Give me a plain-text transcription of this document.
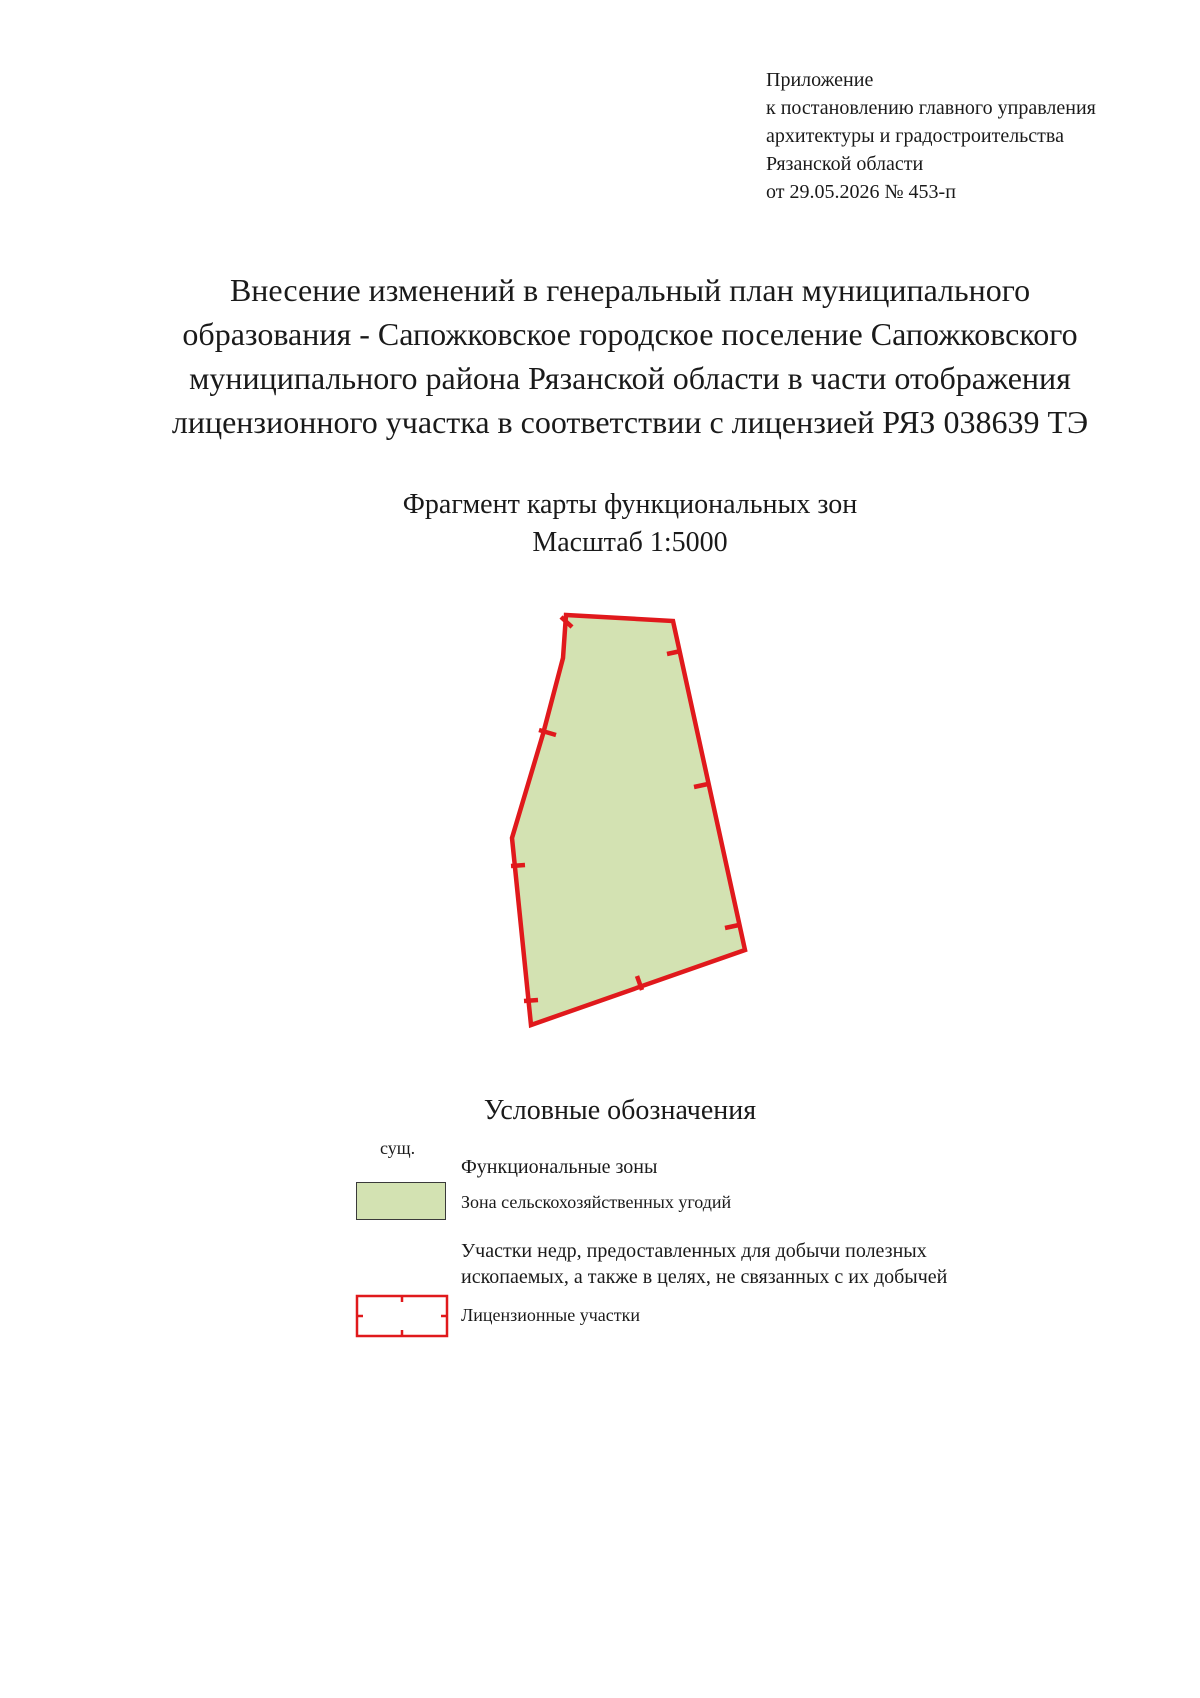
Приложение
к постановлению главного управления
архитектуры и градостроительства
Рязанской области
от 29.05.2026 № 453-п
Внесение изменений в генеральный план муниципального
образования - Сапожковское городское поселение Сапожковского
муниципального района Рязанской области в части отображения
лицензионного участка в соответствии с лицензией РЯЗ 038639 ТЭ
Фрагмент карты функциональных зон
Масштаб 1:5000
Условные обозначения
сущ.
Функциональные зоны
Зона сельскохозяйственных угодий
Участки недр, предоставленных для добычи полезных
ископаемых, а также в целях, не связанных с их добычей
Лицензионные участки
